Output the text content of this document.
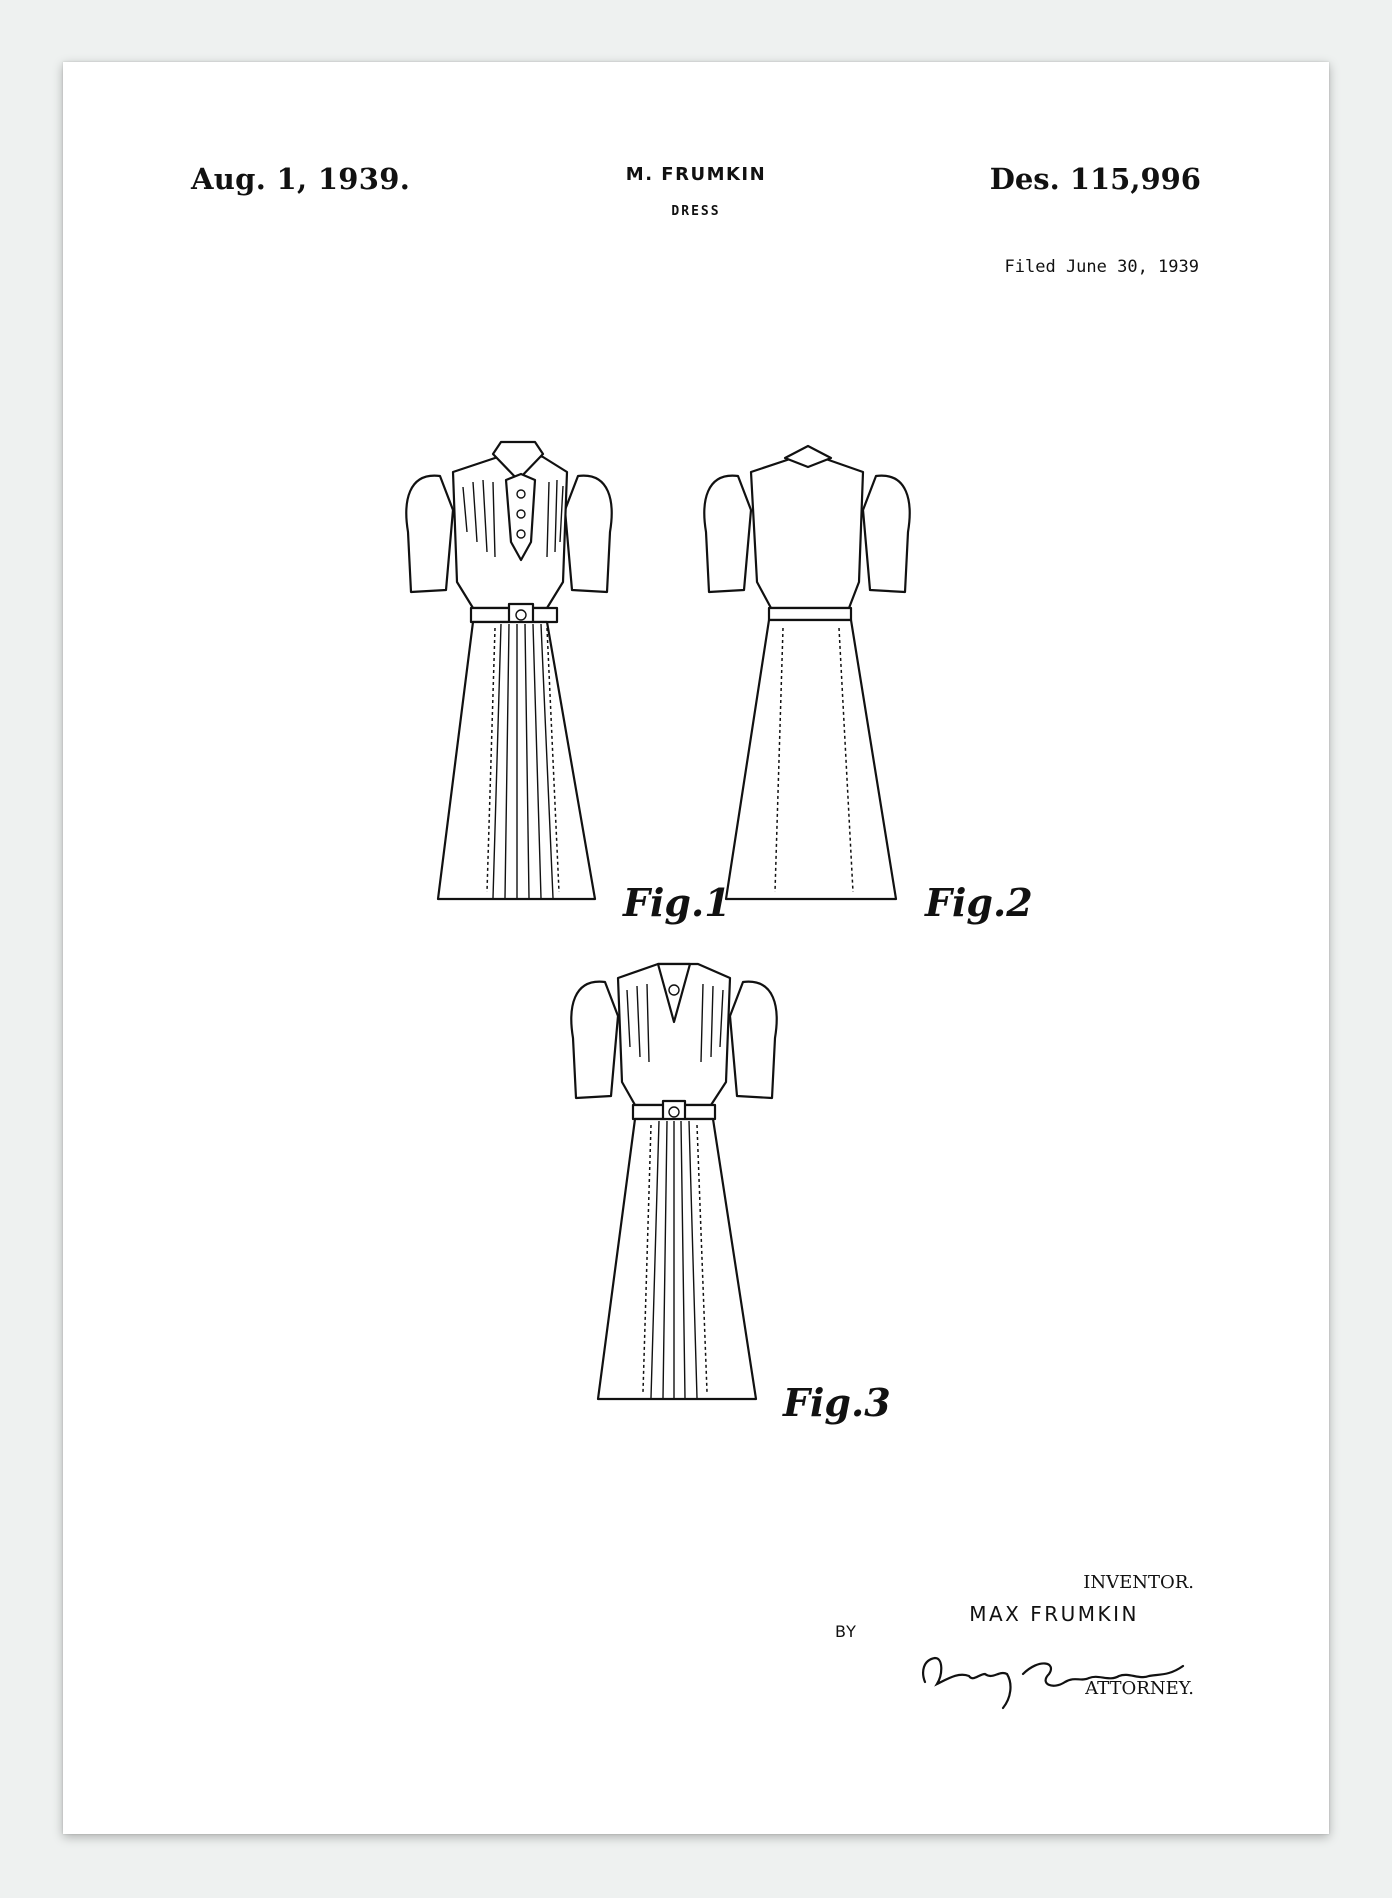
Aug. 1, 1939.	M. FRUMKIN
DRESS
Des. 115,996
Filed June 30, 1939
Fig.1	Fig.2
Fig.3
INVENTOR.
MAX FRUMKIN
BY
ATTORNEY.
